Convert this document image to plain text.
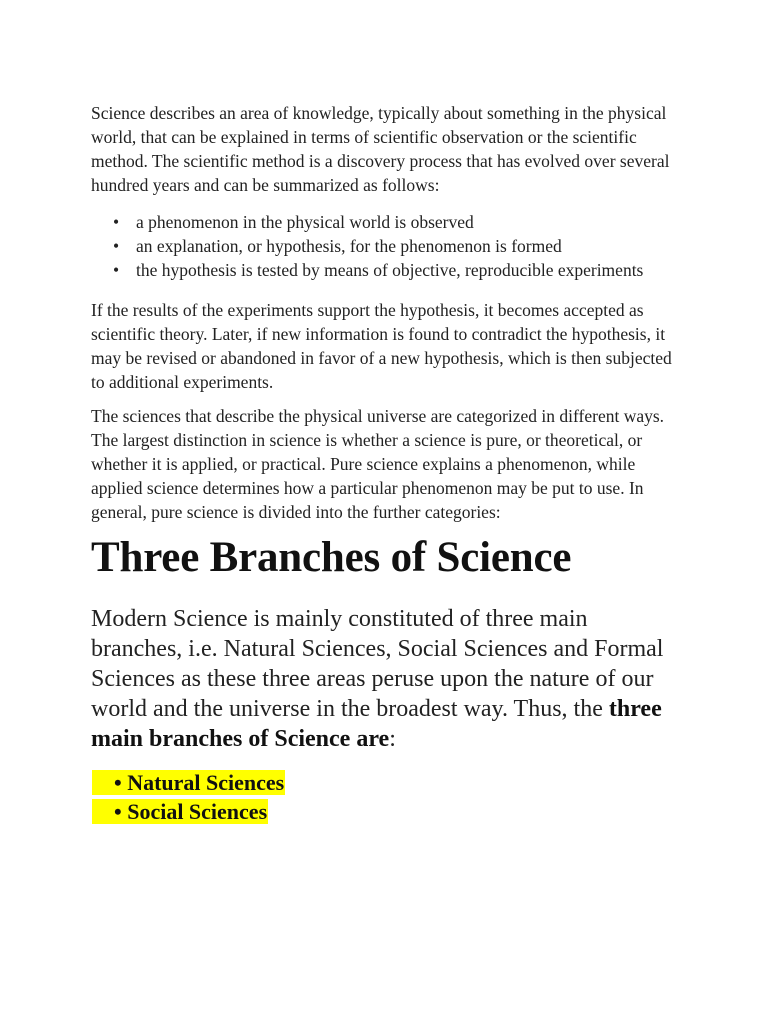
Science describes an area of knowledge, typically about something in the physical world, that can be explained in terms of scientific observation or the scientific method. The scientific method is a discovery process that has evolved over several hundred years and can be summarized as follows:

• a phenomenon in the physical world is observed
• an explanation, or hypothesis, for the phenomenon is formed
• the hypothesis is tested by means of objective, reproducible experiments

If the results of the experiments support the hypothesis, it becomes accepted as scientific theory. Later, if new information is found to contradict the hypothesis, it may be revised or abandoned in favor of a new hypothesis, which is then subjected to additional experiments.

The sciences that describe the physical universe are categorized in different ways. The largest distinction in science is whether a science is pure, or theoretical, or whether it is applied, or practical. Pure science explains a phenomenon, while applied science determines how a particular phenomenon may be put to use. In general, pure science is divided into the further categories:

Three Branches of Science

Modern Science is mainly constituted of three main branches, i.e. Natural Sciences, Social Sciences and Formal Sciences as these three areas peruse upon the nature of our world and the universe in the broadest way. Thus, the three main branches of Science are:

• Natural Sciences
• Social Sciences
